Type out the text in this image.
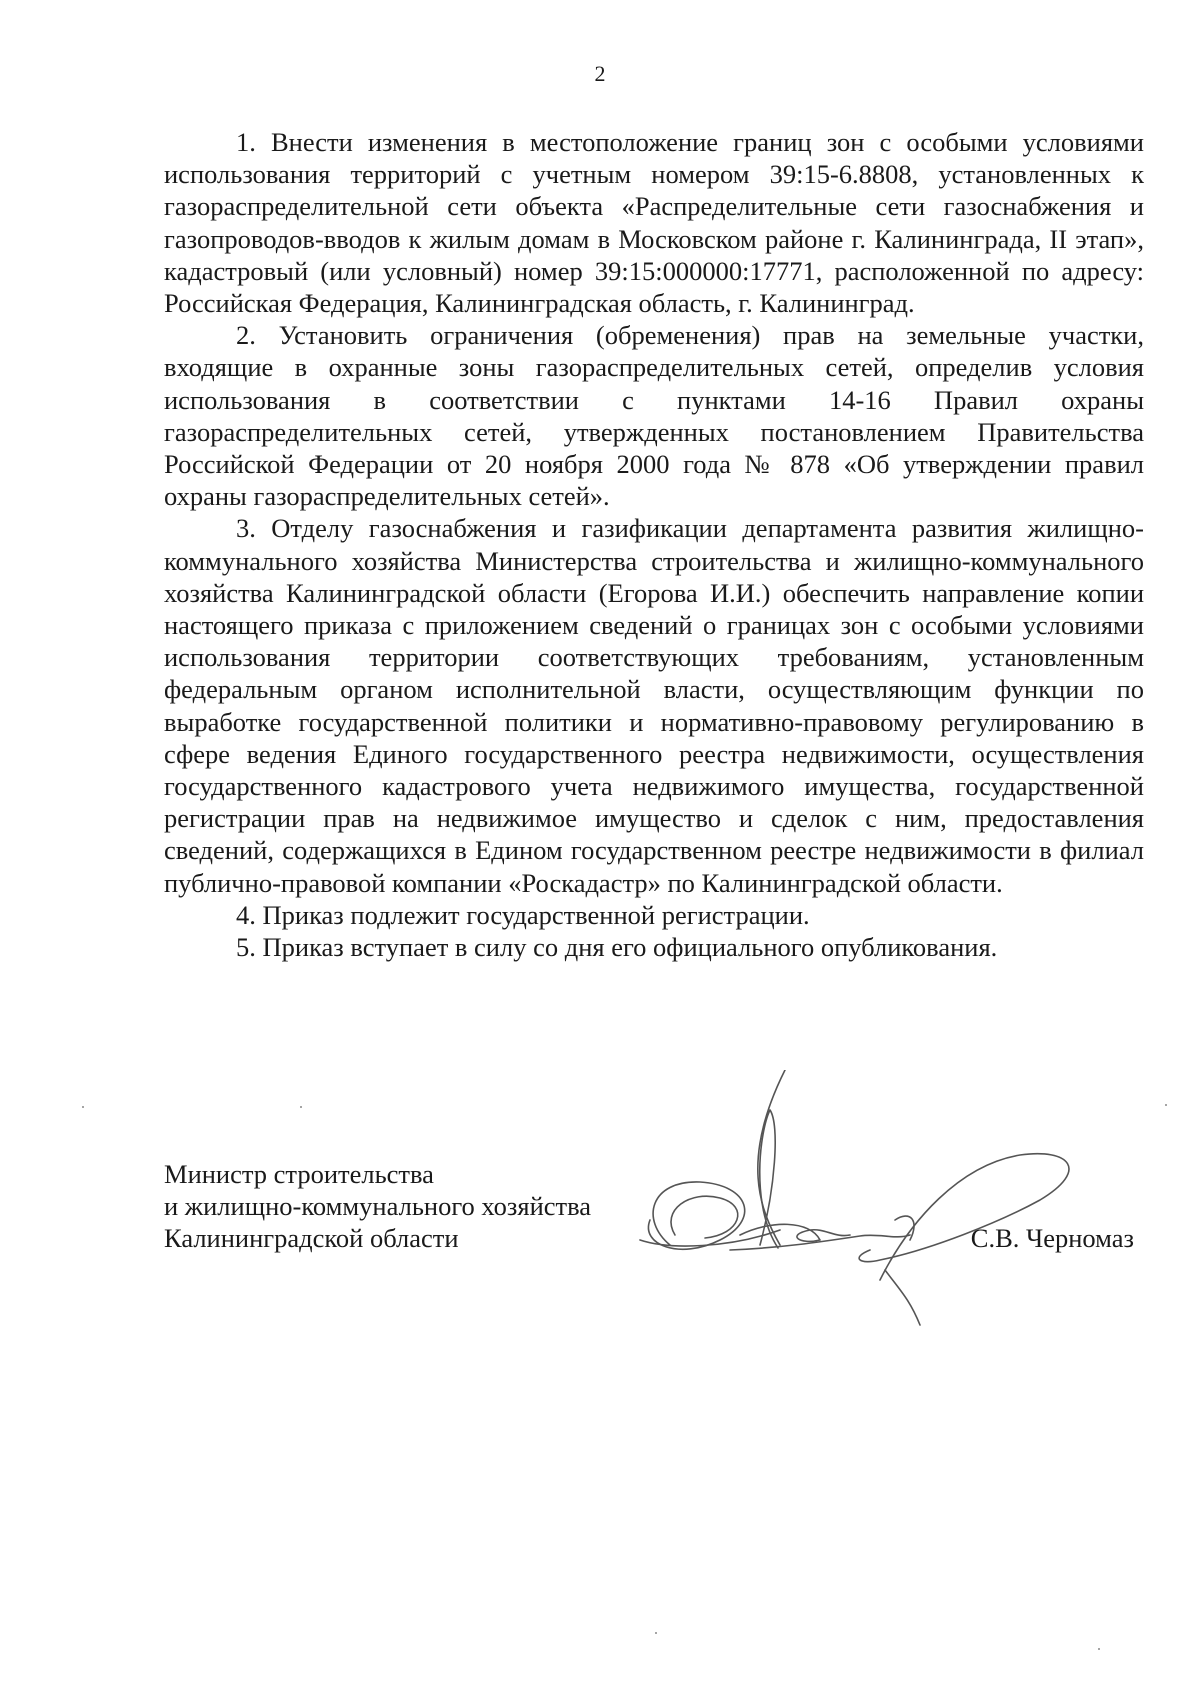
2

1. Внести изменения в местоположение границ зон с особыми условиями использования территорий с учетным номером 39:15-6.8808, установленных к газораспределительной сети объекта «Распределительные сети газоснабжения и газопроводов-вводов к жилым домам в Московском районе г. Калининграда, II этап», кадастровый (или условный) номер 39:15:000000:17771, расположенной по адресу: Российская Федерация, Калининградская область, г. Калининград.

2. Установить ограничения (обременения) прав на земельные участки, входящие в охранные зоны газораспределительных сетей, определив условия использования в соответствии с пунктами 14-16 Правил охраны газораспределительных сетей, утвержденных постановлением Правительства Российской Федерации от 20 ноября 2000 года № 878 «Об утверждении правил охраны газораспределительных сетей».

3. Отделу газоснабжения и газификации департамента развития жилищно-коммунального хозяйства Министерства строительства и жилищно-коммунального хозяйства Калининградской области (Егорова И.И.) обеспечить направление копии настоящего приказа с приложением сведений о границах зон с особыми условиями использования территории соответствующих требованиям, установленным федеральным органом исполнительной власти, осуществляющим функции по выработке государственной политики и нормативно-правовому регулированию в сфере ведения Единого государственного реестра недвижимости, осуществления государственного кадастрового учета недвижимого имущества, государственной регистрации прав на недвижимое имущество и сделок с ним, предоставления сведений, содержащихся в Едином государственном реестре недвижимости в филиал публично-правовой компании «Роскадастр» по Калининградской области.

4. Приказ подлежит государственной регистрации.

5. Приказ вступает в силу со дня его официального опубликования.

Министр строительства
и жилищно-коммунального хозяйства
Калининградской области	С.В. Черномаз
